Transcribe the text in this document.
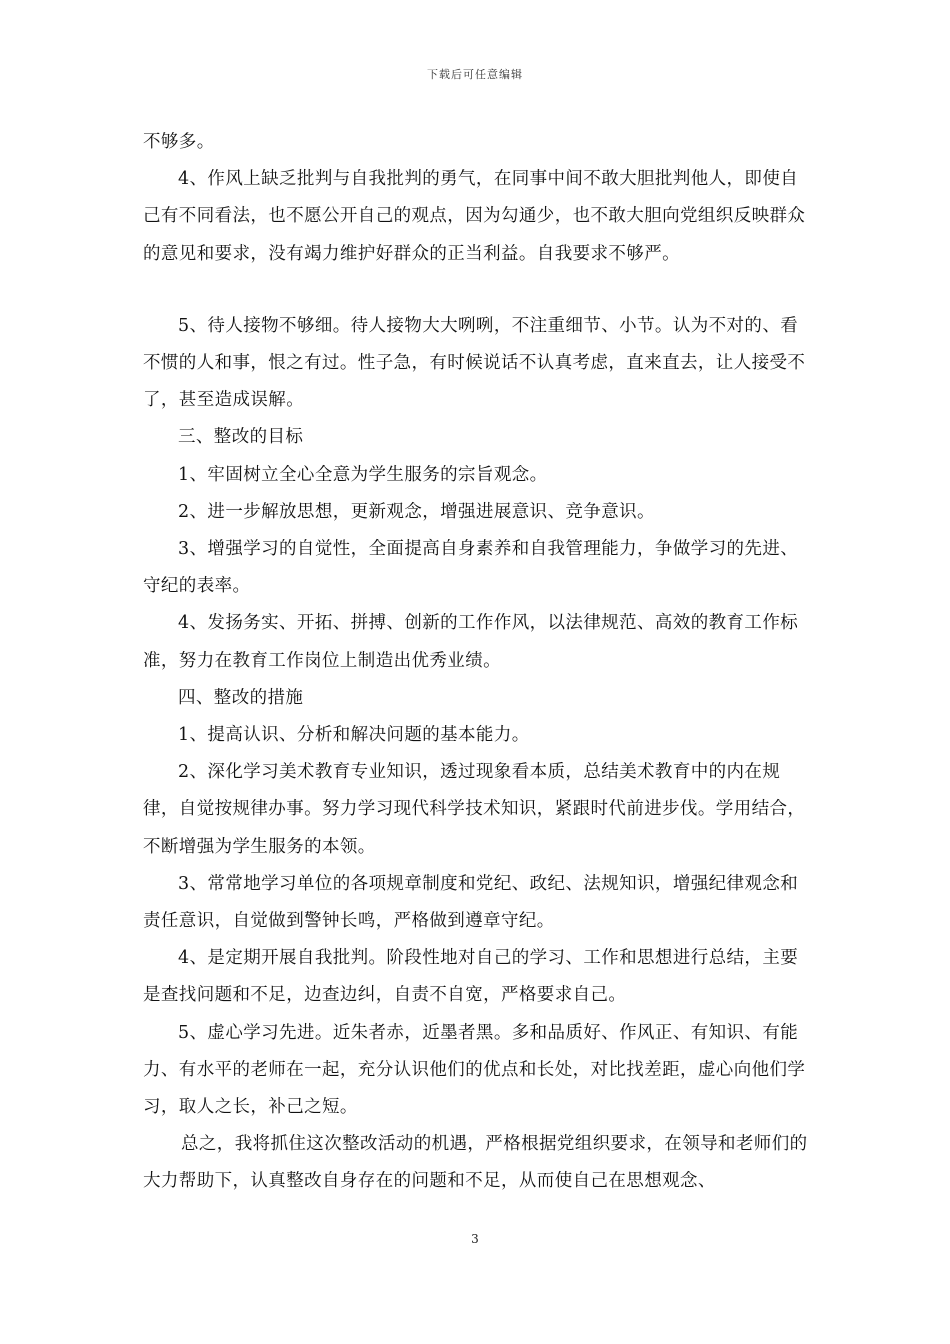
下载后可任意编辑

不够多。

4、作风上缺乏批判与自我批判的勇气，在同事中间不敢大胆批判他人，即使自己有不同看法，也不愿公开自己的观点，因为勾通少，也不敢大胆向党组织反映群众的意见和要求，没有竭力维护好群众的正当利益。自我要求不够严。

5、待人接物不够细。待人接物大大咧咧，不注重细节、小节。认为不对的、看不惯的人和事，恨之有过。性子急，有时候说话不认真考虑，直来直去，让人接受不了，甚至造成误解。

三、整改的目标

1、牢固树立全心全意为学生服务的宗旨观念。

2、进一步解放思想，更新观念，增强进展意识、竞争意识。

3、增强学习的自觉性，全面提高自身素养和自我管理能力，争做学习的先进、守纪的表率。

4、发扬务实、开拓、拼搏、创新的工作作风，以法律规范、高效的教育工作标准，努力在教育工作岗位上制造出优秀业绩。

四、整改的措施

1、提高认识、分析和解决问题的基本能力。

2、深化学习美术教育专业知识，透过现象看本质，总结美术教育中的内在规律，自觉按规律办事。努力学习现代科学技术知识，紧跟时代前进步伐。学用结合，不断增强为学生服务的本领。

3、常常地学习单位的各项规章制度和党纪、政纪、法规知识，增强纪律观念和责任意识，自觉做到警钟长鸣，严格做到遵章守纪。

4、是定期开展自我批判。阶段性地对自己的学习、工作和思想进行总结，主要是查找问题和不足，边查边纠，自责不自宽，严格要求自己。

5、虚心学习先进。近朱者赤，近墨者黑。多和品质好、作风正、有知识、有能力、有水平的老师在一起，充分认识他们的优点和长处，对比找差距，虚心向他们学习，取人之长，补己之短。

总之，我将抓住这次整改活动的机遇，严格根据党组织要求，在领导和老师们的大力帮助下，认真整改自身存在的问题和不足，从而使自己在思想观念、

3
